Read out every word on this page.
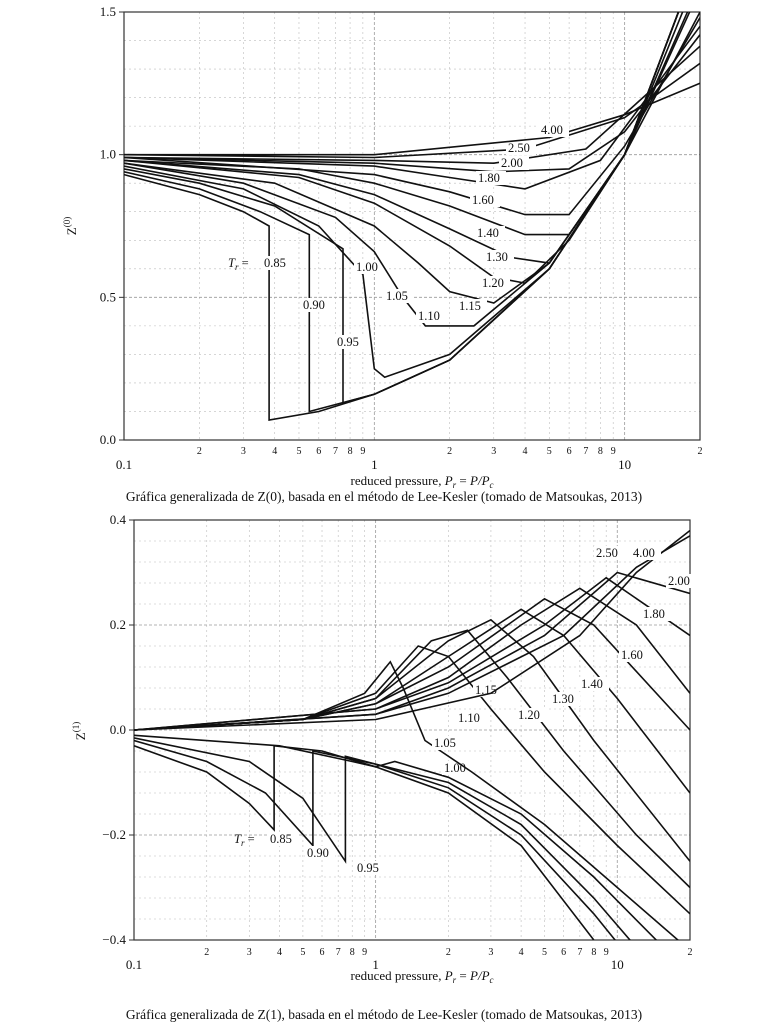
2	3	4 5 6 7 8 9	2	3	4 5 6 7 8 9	2
0.1	1	10
0.0
0.5
1.0
1.5
0.85
0.90
0.95
1.00
1.05
1.10
1.15
1.20
1.30
1.40
1.60
1.80
2.00
2.50
4.00
$T_r$ =
reduced pressure, $P_r = P/P_c$
$Z^{(0)}$
2	3	4 5 6 7 8 9	2	3	4 5 6 7 8 9	2
0.1	1	10
−0.4
−0.2
0.0
0.2
0.4
0.85
0.90
0.95
1.00
1.05
1.10
1.15
1.20
1.30
1.40
1.60
1.80
2.00
2.50 4.00
$T_r$ =
reduced pressure, $P_r = P/P_c$
$Z^{(1)}$
Gráfica generalizada de Z(0), basada en el método de Lee-Kesler (tomado de Matsoukas, 2013)
Gráfica generalizada de Z(1), basada en el método de Lee-Kesler (tomado de Matsoukas, 2013)
